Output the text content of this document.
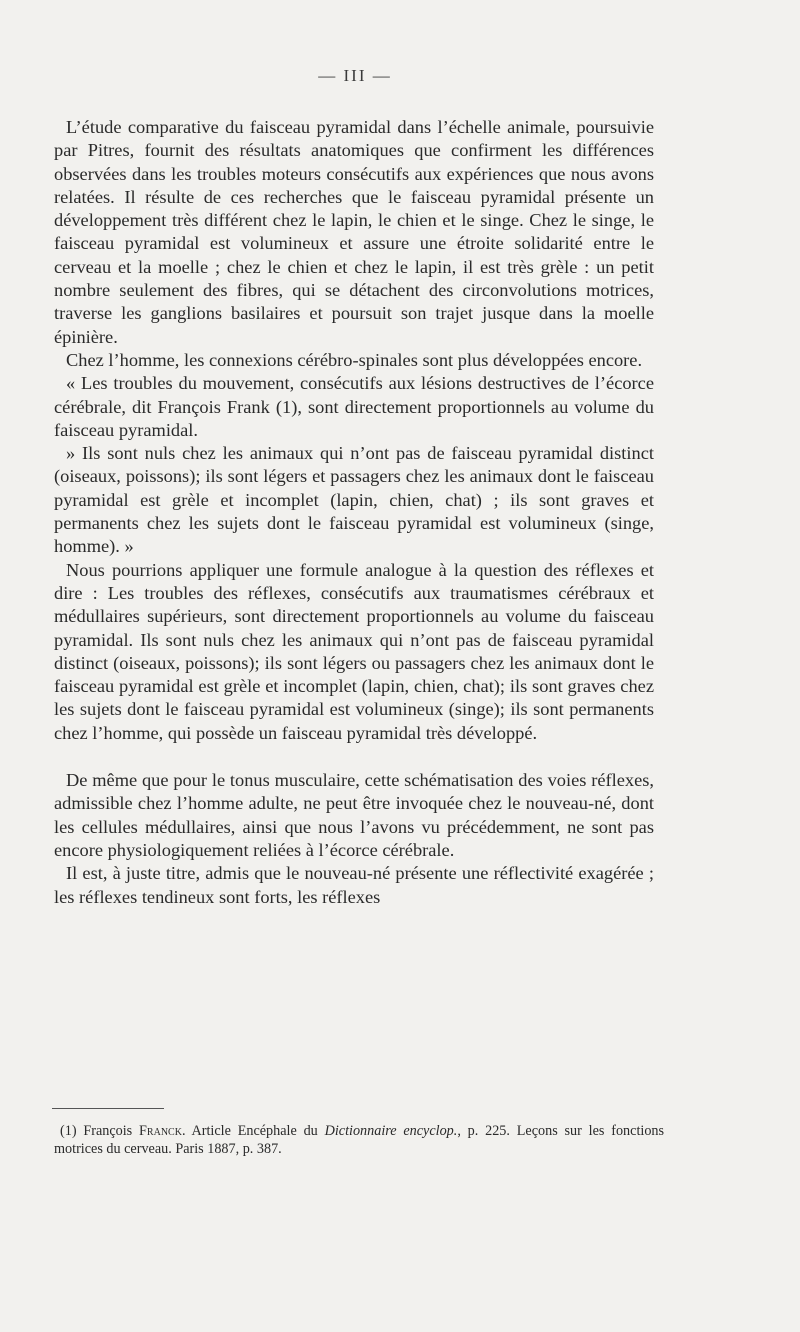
— III —

L’étude comparative du faisceau pyramidal dans l’échelle animale, poursuivie par Pitres, fournit des résultats anatomiques que confirment les différences observées dans les troubles moteurs consécutifs aux expériences que nous avons relatées. Il résulte de ces recherches que le faisceau pyramidal présente un développement très différent chez le lapin, le chien et le singe. Chez le singe, le faisceau pyramidal est volumineux et assure une étroite solidarité entre le cerveau et la moelle ; chez le chien et chez le lapin, il est très grèle : un petit nombre seulement des fibres, qui se détachent des circonvolutions motrices, traverse les ganglions basilaires et poursuit son trajet jusque dans la moelle épinière.

Chez l’homme, les connexions cérébro-spinales sont plus développées encore.

« Les troubles du mouvement, consécutifs aux lésions destructives de l’écorce cérébrale, dit François Frank (1), sont directement proportionnels au volume du faisceau pyramidal.

» Ils sont nuls chez les animaux qui n’ont pas de faisceau pyramidal distinct (oiseaux, poissons); ils sont légers et passagers chez les animaux dont le faisceau pyramidal est grèle et incomplet (lapin, chien, chat) ; ils sont graves et permanents chez les sujets dont le faisceau pyramidal est volumineux (singe, homme). »

Nous pourrions appliquer une formule analogue à la question des réflexes et dire : Les troubles des réflexes, consécutifs aux traumatismes cérébraux et médullaires supérieurs, sont directement proportionnels au volume du faisceau pyramidal. Ils sont nuls chez les animaux qui n’ont pas de faisceau pyramidal distinct (oiseaux, poissons); ils sont légers ou passagers chez les animaux dont le faisceau pyramidal est grèle et incomplet (lapin, chien, chat); ils sont graves chez les sujets dont le faisceau pyramidal est volumineux (singe); ils sont permanents chez l’homme, qui possède un faisceau pyramidal très développé.

De même que pour le tonus musculaire, cette schématisation des voies réflexes, admissible chez l’homme adulte, ne peut être invoquée chez le nouveau-né, dont les cellules médullaires, ainsi que nous l’avons vu précédemment, ne sont pas encore physiologiquement reliées à l’écorce cérébrale.

Il est, à juste titre, admis que le nouveau-né présente une réflectivité exagérée ; les réflexes tendineux sont forts, les réflexes

(1) François Franck. Article Encéphale du Dictionnaire encyclop., p. 225. Leçons sur les fonctions motrices du cerveau. Paris 1887, p. 387.
